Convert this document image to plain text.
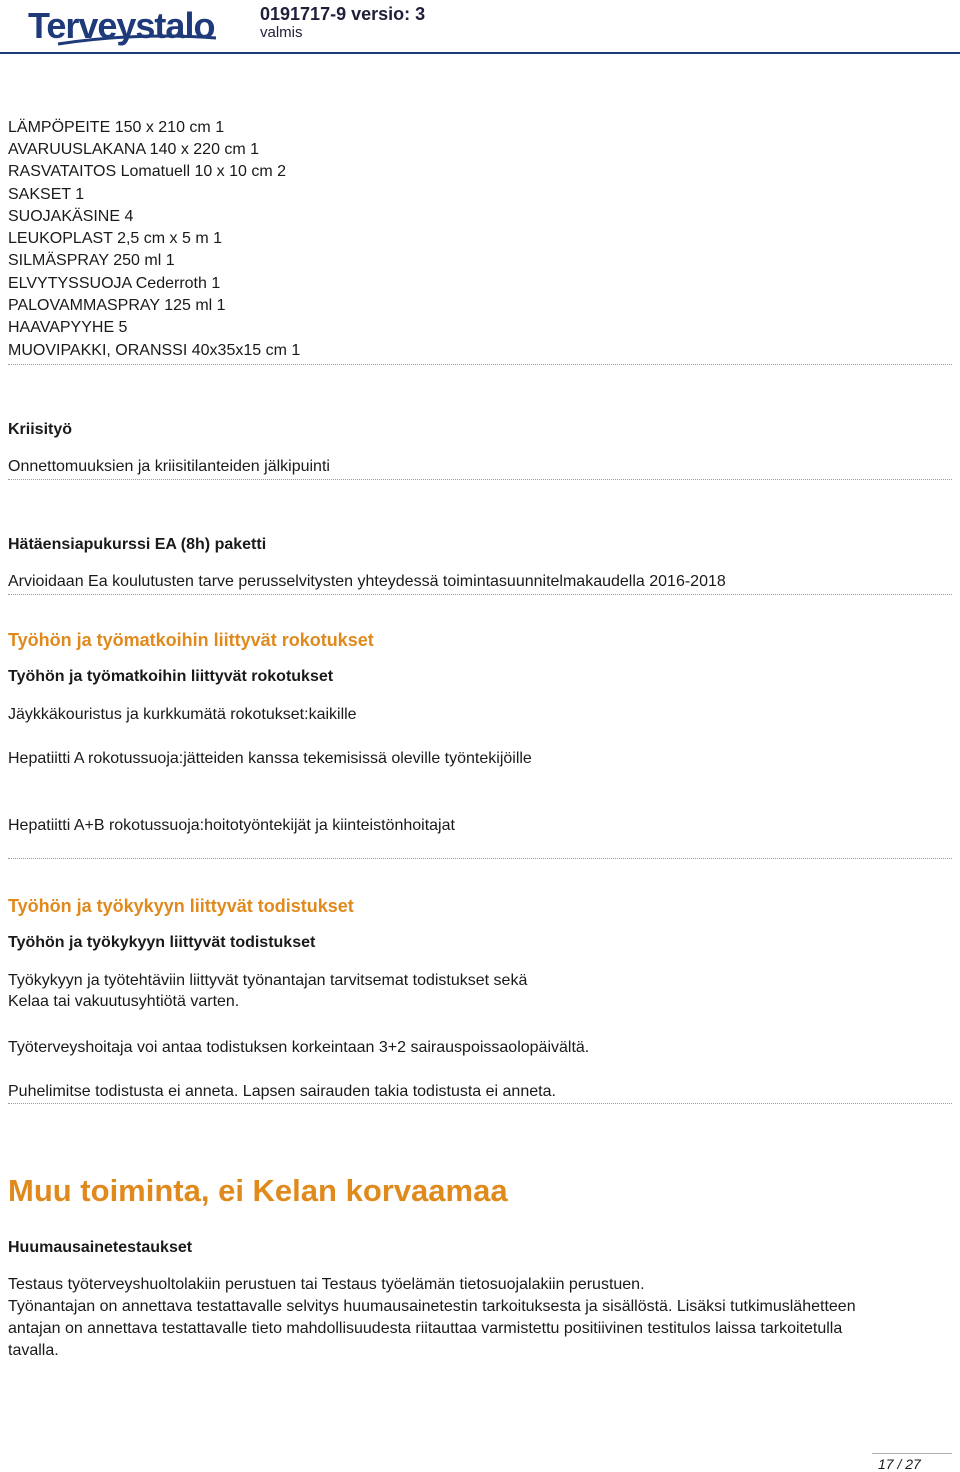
Terveystalo	0191717-9 versio: 3
valmis
LÄMPÖPEITE 150 x 210 cm 1
AVARUUSLAKANA 140 x 220 cm 1
RASVATAITOS Lomatuell 10 x 10 cm 2
SAKSET 1
SUOJAKÄSINE 4
LEUKOPLAST 2,5 cm x 5 m 1
SILMÄSPRAY 250 ml 1
ELVYTYSSUOJA Cederroth 1
PALOVAMMASPRAY 125 ml 1
HAAVAPYYHE 5
MUOVIPAKKI, ORANSSI 40x35x15 cm 1
Kriisityö
Onnettomuuksien ja kriisitilanteiden jälkipuinti
Hätäensiapukurssi EA (8h) paketti
Arvioidaan Ea koulutusten tarve perusselvitysten yhteydessä toimintasuunnitelmakaudella 2016-2018
Työhön ja työmatkoihin liittyvät rokotukset
Työhön ja työmatkoihin liittyvät rokotukset
Jäykkäkouristus ja kurkkumätä rokotukset:kaikille
Hepatiitti A rokotussuoja:jätteiden kanssa tekemisissä oleville työntekijöille
Hepatiitti A+B rokotussuoja:hoitotyöntekijät ja kiinteistönhoitajat
Työhön ja työkykyyn liittyvät todistukset
Työhön ja työkykyyn liittyvät todistukset
Työkykyyn ja työtehtäviin liittyvät työnantajan tarvitsemat todistukset sekä
Kelaa tai vakuutusyhtiötä varten.
Työterveyshoitaja voi antaa todistuksen korkeintaan 3+2 sairauspoissaolopäivältä.
Puhelimitse todistusta ei anneta. Lapsen sairauden takia todistusta ei anneta.
Muu toiminta, ei Kelan korvaamaa
Huumausainetestaukset
Testaus työterveyshuoltolakiin perustuen tai Testaus työelämän tietosuojalakiin perustuen.
Työnantajan on annettava testattavalle selvitys huumausainetestin tarkoituksesta ja sisällöstä. Lisäksi tutkimuslähetteen
antajan on annettava testattavalle tieto mahdollisuudesta riitauttaa varmistettu positiivinen testitulos laissa tarkoitetulla
tavalla.
17 / 27
